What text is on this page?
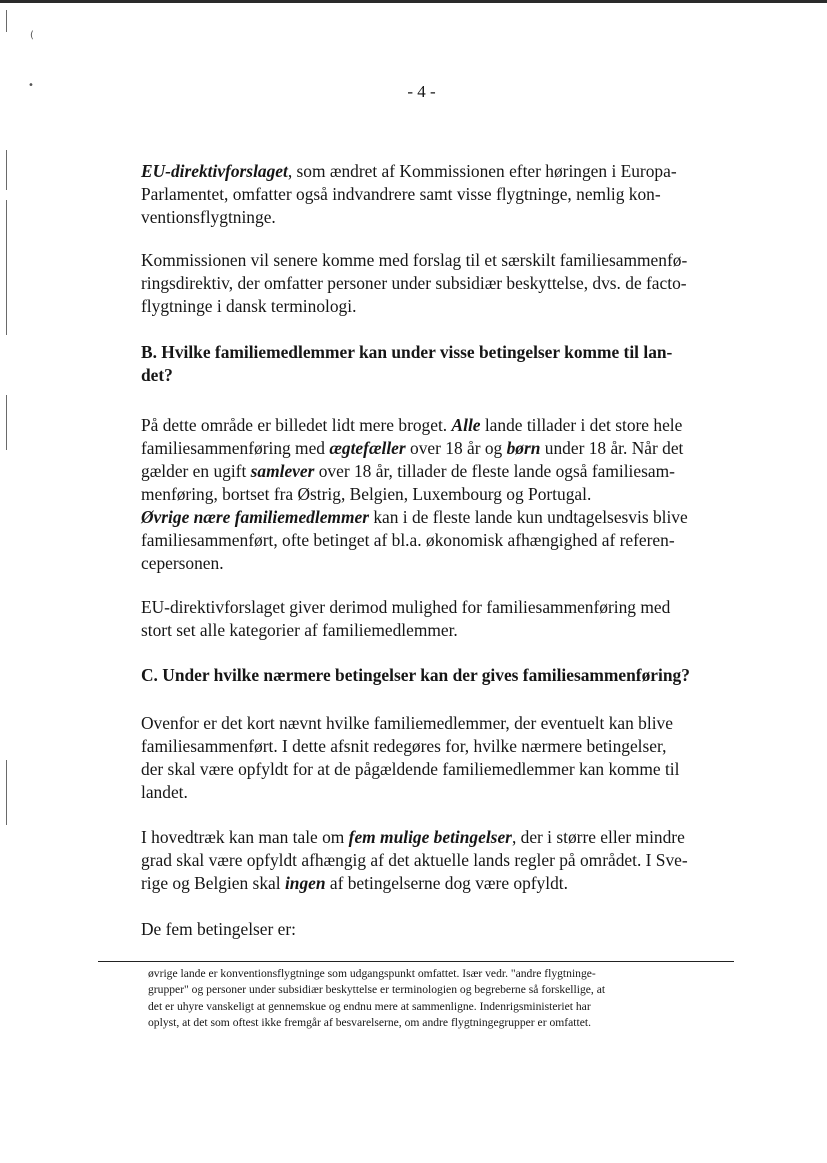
(
•	- 4 -

EU-direktivforslaget, som ændret af Kommissionen efter høringen i Europa-
Parlamentet, omfatter også indvandrere samt visse flygtninge, nemlig kon-
ventionsflygtninge.

Kommissionen vil senere komme med forslag til et særskilt familiesammenfø-
ringsdirektiv, der omfatter personer under subsidiær beskyttelse, dvs. de facto-
flygtninge i dansk terminologi.

B. Hvilke familiemedlemmer kan under visse betingelser komme til lan-
det?

På dette område er billedet lidt mere broget. Alle lande tillader i det store hele
familiesammenføring med ægtefæller over 18 år og børn under 18 år. Når det
gælder en ugift samlever over 18 år, tillader de fleste lande også familiesam-
menføring, bortset fra Østrig, Belgien, Luxembourg og Portugal.
Øvrige nære familiemedlemmer kan i de fleste lande kun undtagelsesvis blive
familiesammenført, ofte betinget af bl.a. økonomisk afhængighed af referen-
cepersonen.

EU-direktivforslaget giver derimod mulighed for familiesammenføring med
stort set alle kategorier af familiemedlemmer.

C. Under hvilke nærmere betingelser kan der gives familiesammenføring?

Ovenfor er det kort nævnt hvilke familiemedlemmer, der eventuelt kan blive
familiesammenført. I dette afsnit redegøres for, hvilke nærmere betingelser,
der skal være opfyldt for at de pågældende familiemedlemmer kan komme til
landet.

I hovedtræk kan man tale om fem mulige betingelser, der i større eller mindre
grad skal være opfyldt afhængig af det aktuelle lands regler på området. I Sve-
rige og Belgien skal ingen af betingelserne dog være opfyldt.

De fem betingelser er:

øvrige lande er konventionsflygtninge som udgangspunkt omfattet. Især vedr. "andre flygtninge-
grupper" og personer under subsidiær beskyttelse er terminologien og begreberne så forskellige, at
det er uhyre vanskeligt at gennemskue og endnu mere at sammenligne. Indenrigsministeriet har
oplyst, at det som oftest ikke fremgår af besvarelserne, om andre flygtningegrupper er omfattet.
